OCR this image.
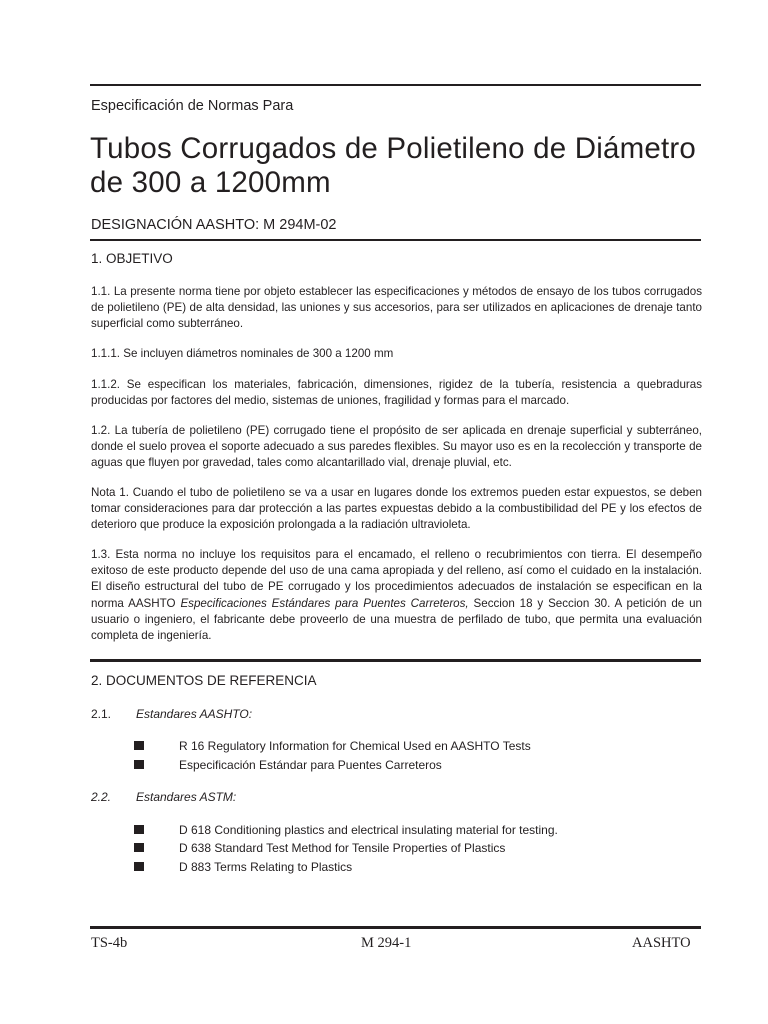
Especificación de Normas Para

Tubos Corrugados de Polietileno de Diámetro de 300 a 1200mm

DESIGNACIÓN AASHTO: M 294M-02

1. OBJETIVO

1.1. La presente norma tiene por objeto establecer las especificaciones y métodos de ensayo de los tubos corrugados de polietileno (PE) de alta densidad, las uniones y sus accesorios, para ser utilizados en aplicaciones de drenaje tanto superficial como subterráneo.

1.1.1. Se incluyen diámetros nominales de 300 a 1200 mm

1.1.2. Se especifican los materiales, fabricación, dimensiones, rigidez de la tubería, resistencia a quebraduras producidas por factores del medio, sistemas de uniones, fragilidad y formas para el marcado.

1.2. La tubería de polietileno (PE) corrugado tiene el propósito de ser aplicada en drenaje superficial y subterráneo, donde el suelo provea el soporte adecuado a sus paredes flexibles. Su mayor uso es en la recolección y transporte de aguas que fluyen por gravedad, tales como alcantarillado vial, drenaje pluvial, etc.

Nota 1. Cuando el tubo de polietileno se va a usar en lugares donde los extremos pueden estar expuestos, se deben tomar consideraciones para dar protección a las partes expuestas debido a la combustibilidad del PE y los efectos de deterioro que produce la exposición prolongada a la radiación ultravioleta.

1.3. Esta norma no incluye los requisitos para el encamado, el relleno o recubrimientos con tierra. El desempeño exitoso de este producto depende del uso de una cama apropiada y del relleno, así como el cuidado en la instalación. El diseño estructural del tubo de PE corrugado y los procedimientos adecuados de instalación se especifican en la norma AASHTO Especificaciones Estándares para Puentes Carreteros, Seccion 18 y Seccion 30. A petición de un usuario o ingeniero, el fabricante debe proveerlo de una muestra de perfilado de tubo, que permita una evaluación completa de ingeniería.

2. DOCUMENTOS DE REFERENCIA

2.1. Estandares AASHTO:

R 16 Regulatory Information for Chemical Used en AASHTO Tests
Especificación Estándar para Puentes Carreteros

2.2. Estandares ASTM:

D 618 Conditioning plastics and electrical insulating material for testing.
D 638 Standard Test Method for Tensile Properties of Plastics
D 883 Terms Relating to Plastics
TS-4b	M 294-1	AASHTO
